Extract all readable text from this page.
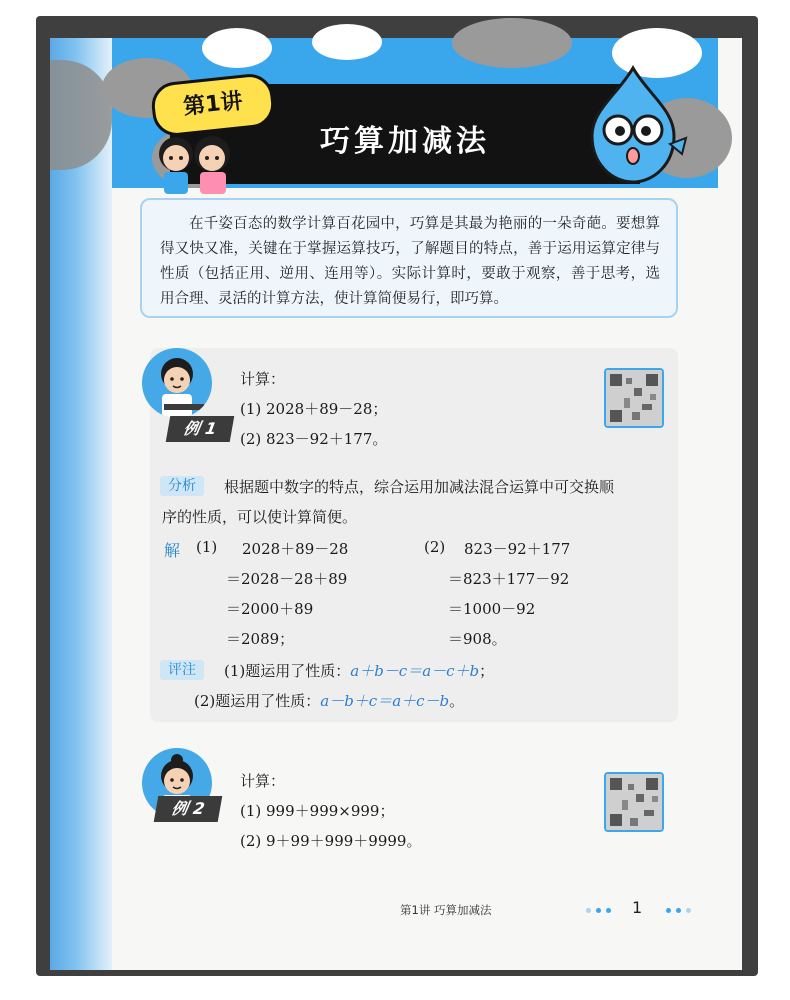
巧算加减法
第1讲
在千姿百态的数学计算百花园中，巧算是其最为艳丽的一朵奇葩。要想算得又快又准，关键在于掌握运算技巧，了解题目的特点，善于运用运算定律与性质（包括正用、逆用、连用等）。实际计算时，要敢于观察，善于思考，选用合理、灵活的计算方法，使计算简便易行，即巧算。
例 1
计算：
(1) 2028＋89－28；
(2) 823－92＋177。
分析	根据题中数字的特点，综合运用加减法混合运算中可交换顺
序的性质，可以使计算简便。
解 (1) 2028＋89－28
＝2028－28＋89
＝2000＋89
＝2089；
(2) 823－92＋177
＝823＋177－92
＝1000－92
＝908。
评注	(1)题运用了性质：a＋b－c＝a－c＋b；
(2)题运用了性质：a－b＋c＝a＋c－b。
例 2
计算：
(1) 999＋999×999；
(2) 9＋99＋999＋9999。
第1讲 巧算加减法	1
